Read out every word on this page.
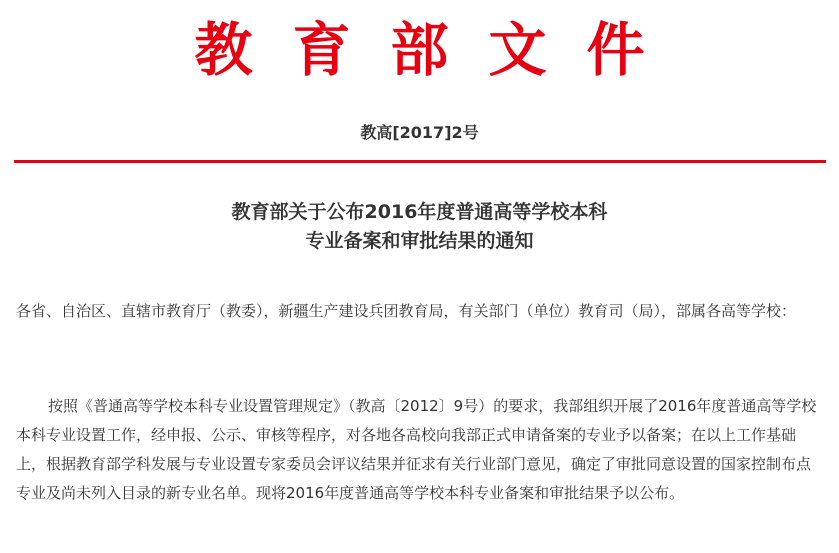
教育部文件
教高[2017]2号
教育部关于公布2016年度普通高等学校本科
专业备案和审批结果的通知
各省、自治区、直辖市教育厅（教委），新疆生产建设兵团教育局，有关部门（单位）教育司（局），部属各高等学校：
按照《普通高等学校本科专业设置管理规定》（教高〔2012〕9号）的要求，我部组织开展了2016年度普通高等学校本科专业设置工作，经申报、公示、审核等程序，对各地各高校向我部正式申请备案的专业予以备案；在以上工作基础上，根据教育部学科发展与专业设置专家委员会评议结果并征求有关行业部门意见，确定了审批同意设置的国家控制布点专业及尚未列入目录的新专业名单。现将2016年度普通高等学校本科专业备案和审批结果予以公布。
